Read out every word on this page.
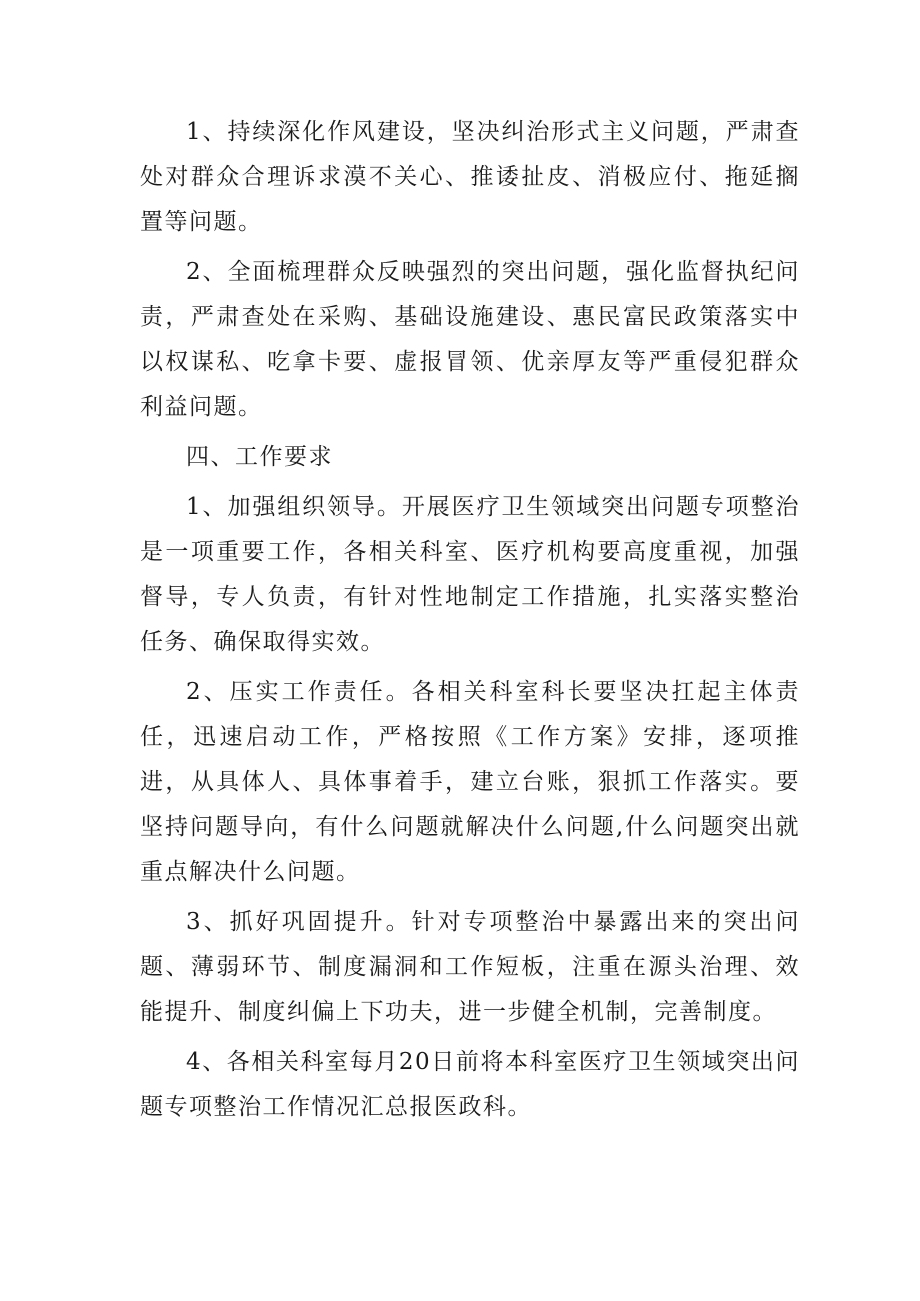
1、持续深化作风建设，坚决纠治形式主义问题，严肃查处对群众合理诉求漠不关心、推诿扯皮、消极应付、拖延搁置等问题。

2、全面梳理群众反映强烈的突出问题，强化监督执纪问责，严肃查处在采购、基础设施建设、惠民富民政策落实中以权谋私、吃拿卡要、虚报冒领、优亲厚友等严重侵犯群众利益问题。

四、工作要求

1、加强组织领导。开展医疗卫生领域突出问题专项整治是一项重要工作，各相关科室、医疗机构要高度重视，加强督导，专人负责，有针对性地制定工作措施，扎实落实整治任务、确保取得实效。

2、压实工作责任。各相关科室科长要坚决扛起主体责任，迅速启动工作，严格按照《工作方案》安排，逐项推进，从具体人、具体事着手，建立台账，狠抓工作落实。要坚持问题导向，有什么问题就解决什么问题,什么问题突出就重点解决什么问题。

3、抓好巩固提升。针对专项整治中暴露出来的突出问题、薄弱环节、制度漏洞和工作短板，注重在源头治理、效能提升、制度纠偏上下功夫，进一步健全机制，完善制度。

4、各相关科室每月20日前将本科室医疗卫生领域突出问题专项整治工作情况汇总报医政科。
